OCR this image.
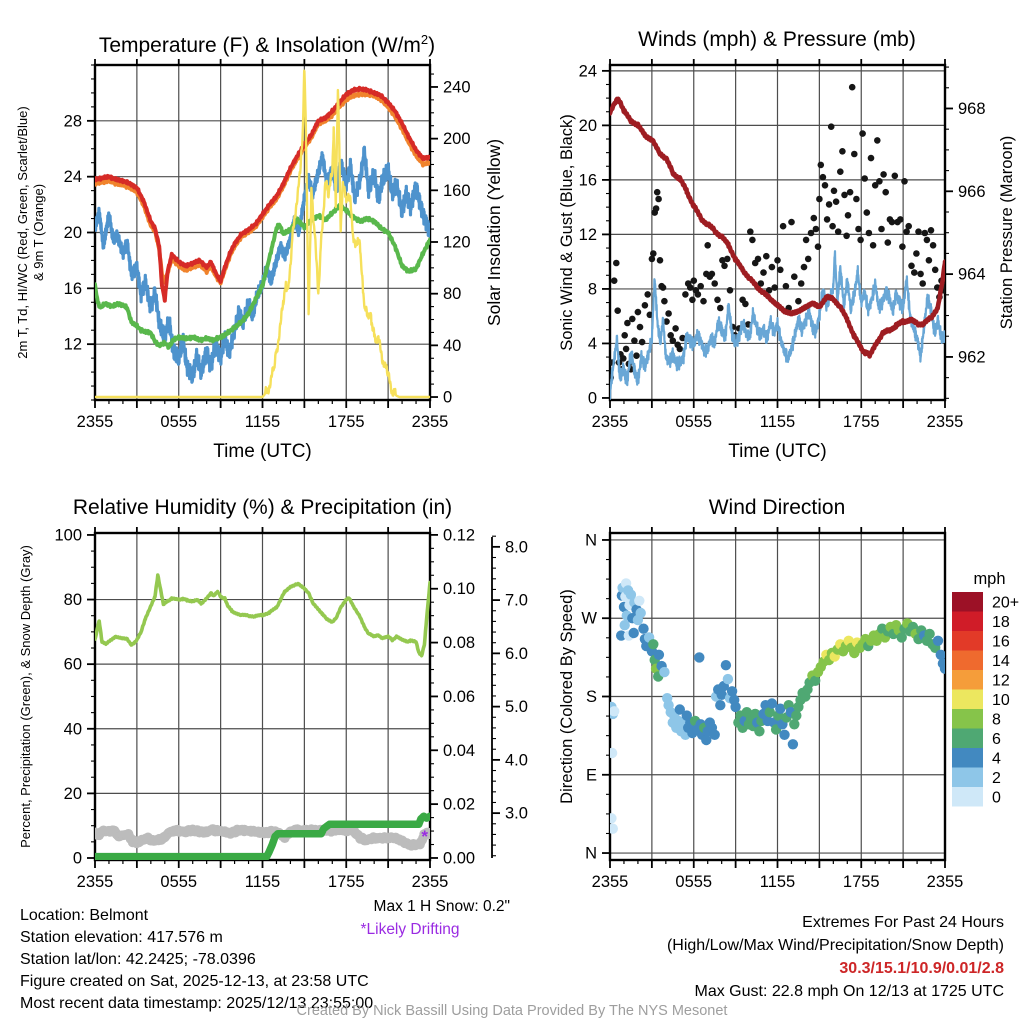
2355	0555	1155	1755	2355
Time (UTC)
12
16
20
24
28
2m T, Td, HI/WC (Red, Green, Scarlet/Blue) & 9m T (Orange)
0
40
80
120
160
200
240
Solar Insolation (Yellow)
2355	0555	1155	1755	2355
Time (UTC)
0
4
8
12
16
20
24
Sonic Wind & Gust (Blue, Black)
962
964
966
968
Station Pressure (Maroon)
2355	0555	1155	1755	2355
0
20
40
60
80
100
Percent, Precipitation (Green), & Snow Depth (Gray)
0.00
0.02
0.04
0.06
0.08
0.10
0.12
3.0
4.0
5.0
6.0
7.0
8.0
*
2355	0555	1155	1755	2355
N
E
S
W
N
Direction (Colored By Speed)
mph
20+
18
16
14
12
10
8
6
4
2
0
Temperature (F) & Insolation $(W/m^2)$	Winds (mph) & Pressure (mb)
Relative Humidity (%) & Precipitation (in)	Wind Direction
Location: Belmont
Station elevation: 417.576 m
Station lat/lon: 42.2425; -78.0396
Figure created on Sat, 2025-12-13, at 23:58 UTC
Most recent data timestamp: 2025/12/13 23:55:00
Max 1 H Snow: 0.2"
*Likely Drifting	Extremes For Past 24 Hours
(High/Low/Max Wind/Precipitation/Snow Depth)
30.3/15.1/10.9/0.01/2.8
Max Gust: 22.8 mph On 12/13 at 1725 UTC
Created By Nick Bassill Using Data Provided By The NYS Mesonet
